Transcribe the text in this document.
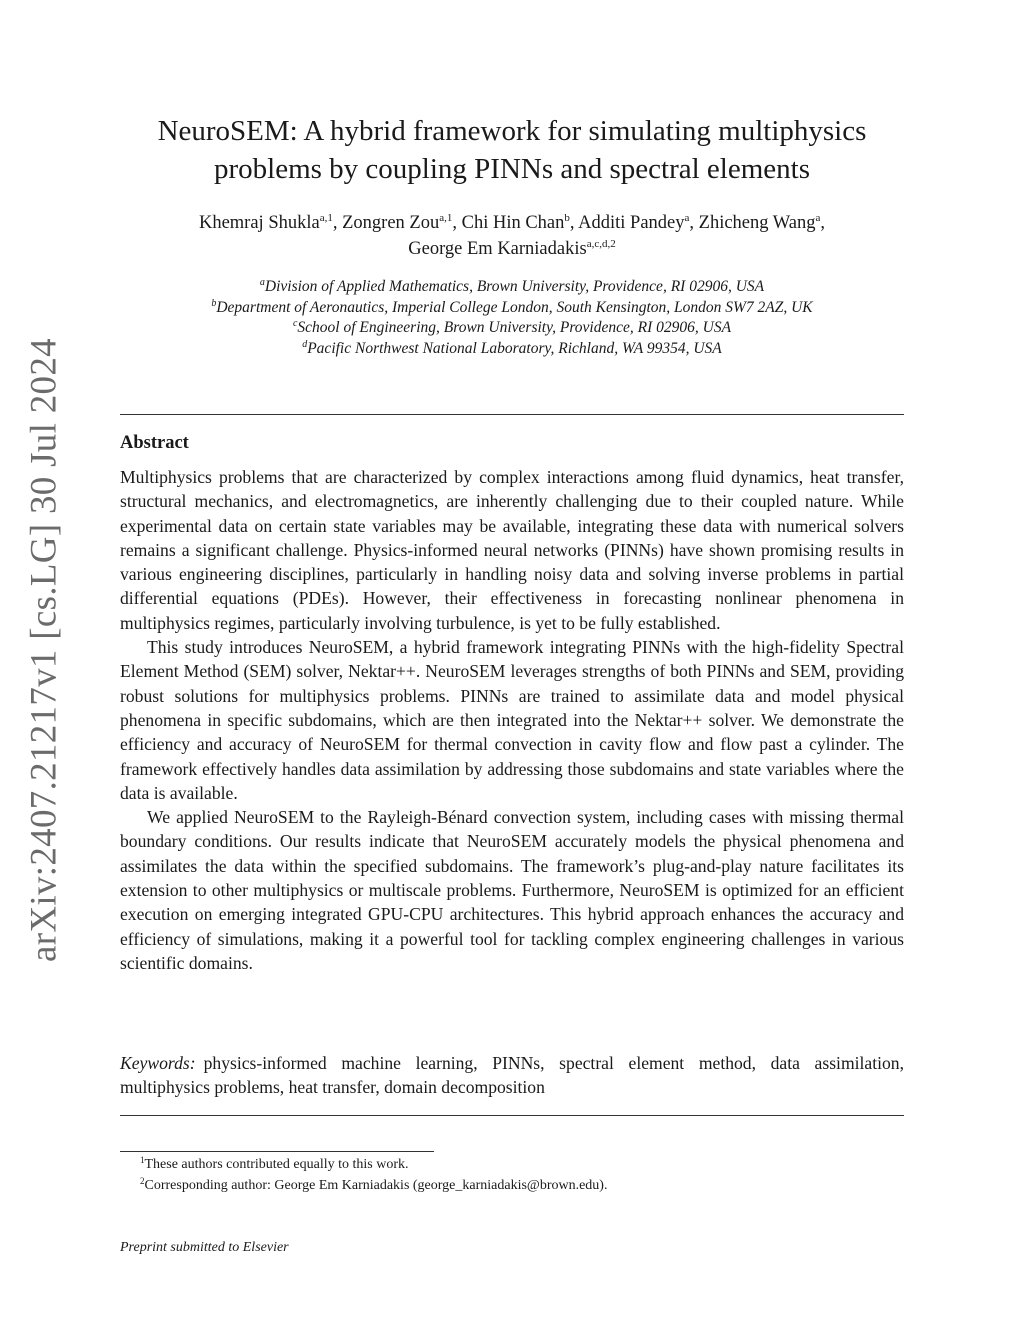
arXiv:2407.21217v1 [cs.LG] 30 Jul 2024
NeuroSEM: A hybrid framework for simulating multiphysics
problems by coupling PINNs and spectral elements
Khemraj Shukla$^{a,1}$, Zongren Zou$^{a,1}$, Chi Hin Chan$^b$, Additi Pandey$^a$, Zhicheng Wang$^a$,
George Em Karniadakis$^{a,c,d,2}$
$^a$Division of Applied Mathematics, Brown University, Providence, RI 02906, USA
$^b$Department of Aeronautics, Imperial College London, South Kensington, London SW7 2AZ, UK
$^c$School of Engineering, Brown University, Providence, RI 02906, USA
$^d$Pacific Northwest National Laboratory, Richland, WA 99354, USA
Abstract

Multiphysics problems that are characterized by complex interactions among fluid dynamics, heat transfer, structural mechanics, and electromagnetics, are inherently challenging due to their coupled nature. While experimental data on certain state variables may be available, integrating these data with numerical solvers remains a significant challenge. Physics-informed neural networks (PINNs) have shown promising results in various engineering disciplines, particularly in handling noisy data and solving inverse problems in partial differential equations (PDEs). However, their effectiveness in forecasting nonlinear phenomena in multiphysics regimes, particularly involving turbulence, is yet to be fully established.

This study introduces NeuroSEM, a hybrid framework integrating PINNs with the high-fidelity Spectral Element Method (SEM) solver, Nektar++. NeuroSEM leverages strengths of both PINNs and SEM, providing robust solutions for multiphysics problems. PINNs are trained to assimilate data and model physical phenomena in specific subdomains, which are then integrated into the Nektar++ solver. We demonstrate the efficiency and accuracy of NeuroSEM for thermal convection in cavity flow and flow past a cylinder. The framework effectively handles data assimilation by addressing those subdomains and state variables where the data is available.

We applied NeuroSEM to the Rayleigh-Bénard convection system, including cases with missing thermal boundary conditions. Our results indicate that NeuroSEM accurately models the physical phenomena and assimilates the data within the specified subdomains. The framework’s plug-and-play nature facilitates its extension to other multiphysics or multiscale problems. Furthermore, NeuroSEM is optimized for an efficient execution on emerging integrated GPU-CPU architectures. This hybrid approach enhances the accuracy and efficiency of simulations, making it a powerful tool for tackling complex engineering challenges in various scientific domains.

Keywords: physics-informed machine learning, PINNs, spectral element method, data assimilation, multiphysics problems, heat transfer, domain decomposition
$^1$These authors contributed equally to this work.
$^2$Corresponding author: George Em Karniadakis (george_karniadakis@brown.edu).
Preprint submitted to Elsevier
